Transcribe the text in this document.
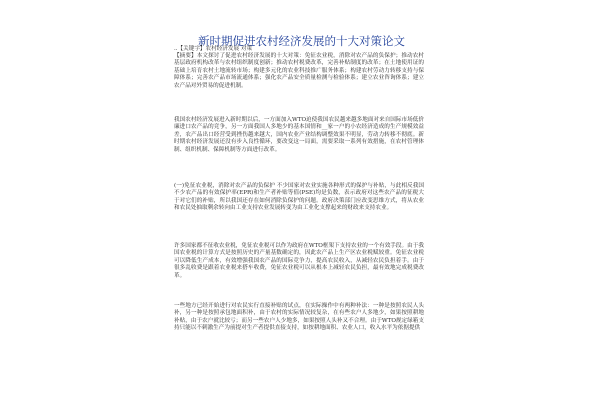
新时期促进农村经济发展的十大对策论文
..【关键字】农村经济发展 对策
【摘要】本文探讨了促进农村经济发展的十大对策：免征农业税，消除对农产品的负保护；推动农村基层政府机构改革与农村组织制度创新；推动农村税费改革，完善补贴制度的改革；在土地使用证的基础上培育农村土地流转市场；构建多元化的农业科技推广服务体系；构建农村劳动力转移支持与保障体系；完善农产品市场流通体系；强化农产品安全质量检测与检验体系；建立农业咨询体系；建立农产品对外贸易的促进机制。
我国农村经济发展进入新时期以后，一方面加入WTO迫使我国农民越来越多地面对来自国际市场低价廉进口农产品的竞争，另一方面我国人多地少的基本国情和__家一户的小农经济造成的生产规模效益差，农产品出口经营受到挫伤越来越大，国内农业产业结构调整效果不明显，劳动力转移不彻底。新时期农村经济发展还没有步入良性循环，要改变这一局面，需要采取一系列有效措施，在农村管理体制、组织机制、保障机制等方面进行改革。
(一)免征农业税，消除对农产品的负保护 不少国家对农业实施各种形式的保护与补贴，与此相反我国不少农产品的有效保护率(EPR)和生产者补贴等值(PSE)均是负数，表示政府对这些农产品的征税大于对它们的补贴，所以我国还存在如何消除负保护的问题。政府决策部门应改变思维方式，将从农业和农民处抽取剩余转向由工业支持农业发展转变为由工业化支撑起来的财政来支持农业。
许多国家都不征收农业税，免征农业税可以作为政府在WTO框架下支持农业的一个有效手段。由于我国农业税的计算方式是按照历史的产量基数确定的，因此农产品上生产区农业税赋较重。免征农业税可以降低生产成本，有效增强我国农产品的国际竞争力，提高农民收入，从减轻农民负担着手。由于很多乱收费是跟着农业税来搭车收费，免征农业税可以从根本上减轻农民负担，最有效地完成税费改革。
一些地方已经开始进行对农民实行直接补贴的试点，在实际操作中有两种补法：一种是按照农民人头补，另一种是按照承包地面积补，由于农村的实际情况较复杂，在有些农户人多地少，如果按照耕地补贴，由于农户就比较亏；而另一些农户人少地多，如果按照人头补又不合理。由于WTO规定绿箱支持只能以不刺激生产为前提对生产者提供直接支持，如按耕地面积、农业人口，收入水平为依据提供
